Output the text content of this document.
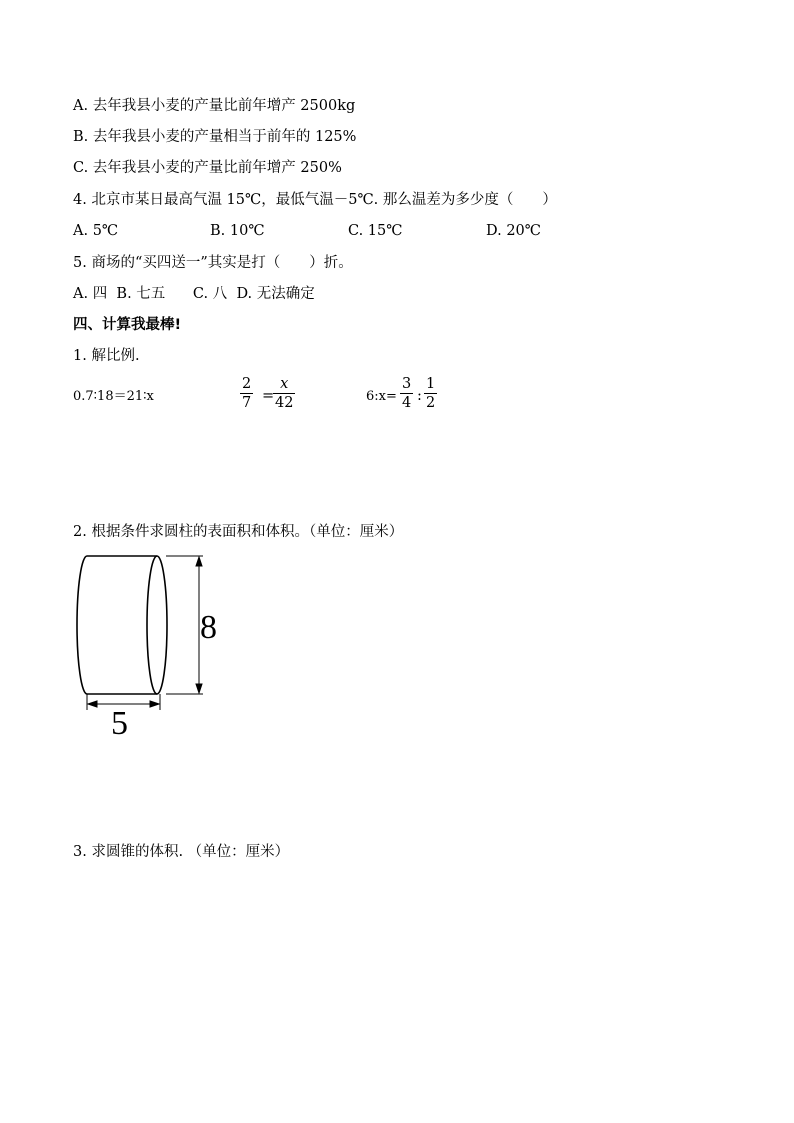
A. 去年我县小麦的产量比前年增产 2500kg
B. 去年我县小麦的产量相当于前年的 125%
C. 去年我县小麦的产量比前年增产 250%
4. 北京市某日最高气温 15℃，最低气温－5℃. 那么温差为多少度（　　）
A. 5℃	B. 10℃	C. 15℃	D. 20℃
5. 商场的“买四送一”其实是打（　　）折。
A. 四  B. 七五      C. 八  D. 无法确定
四、计算我最棒!
1. 解比例.
0.7∶18＝21∶x
2
7 =
x
42	6:x=
3
4 :
1
2
2. 根据条件求圆柱的表面积和体积。（单位：厘米）
8
5
3. 求圆锥的体积. （单位：厘米）
